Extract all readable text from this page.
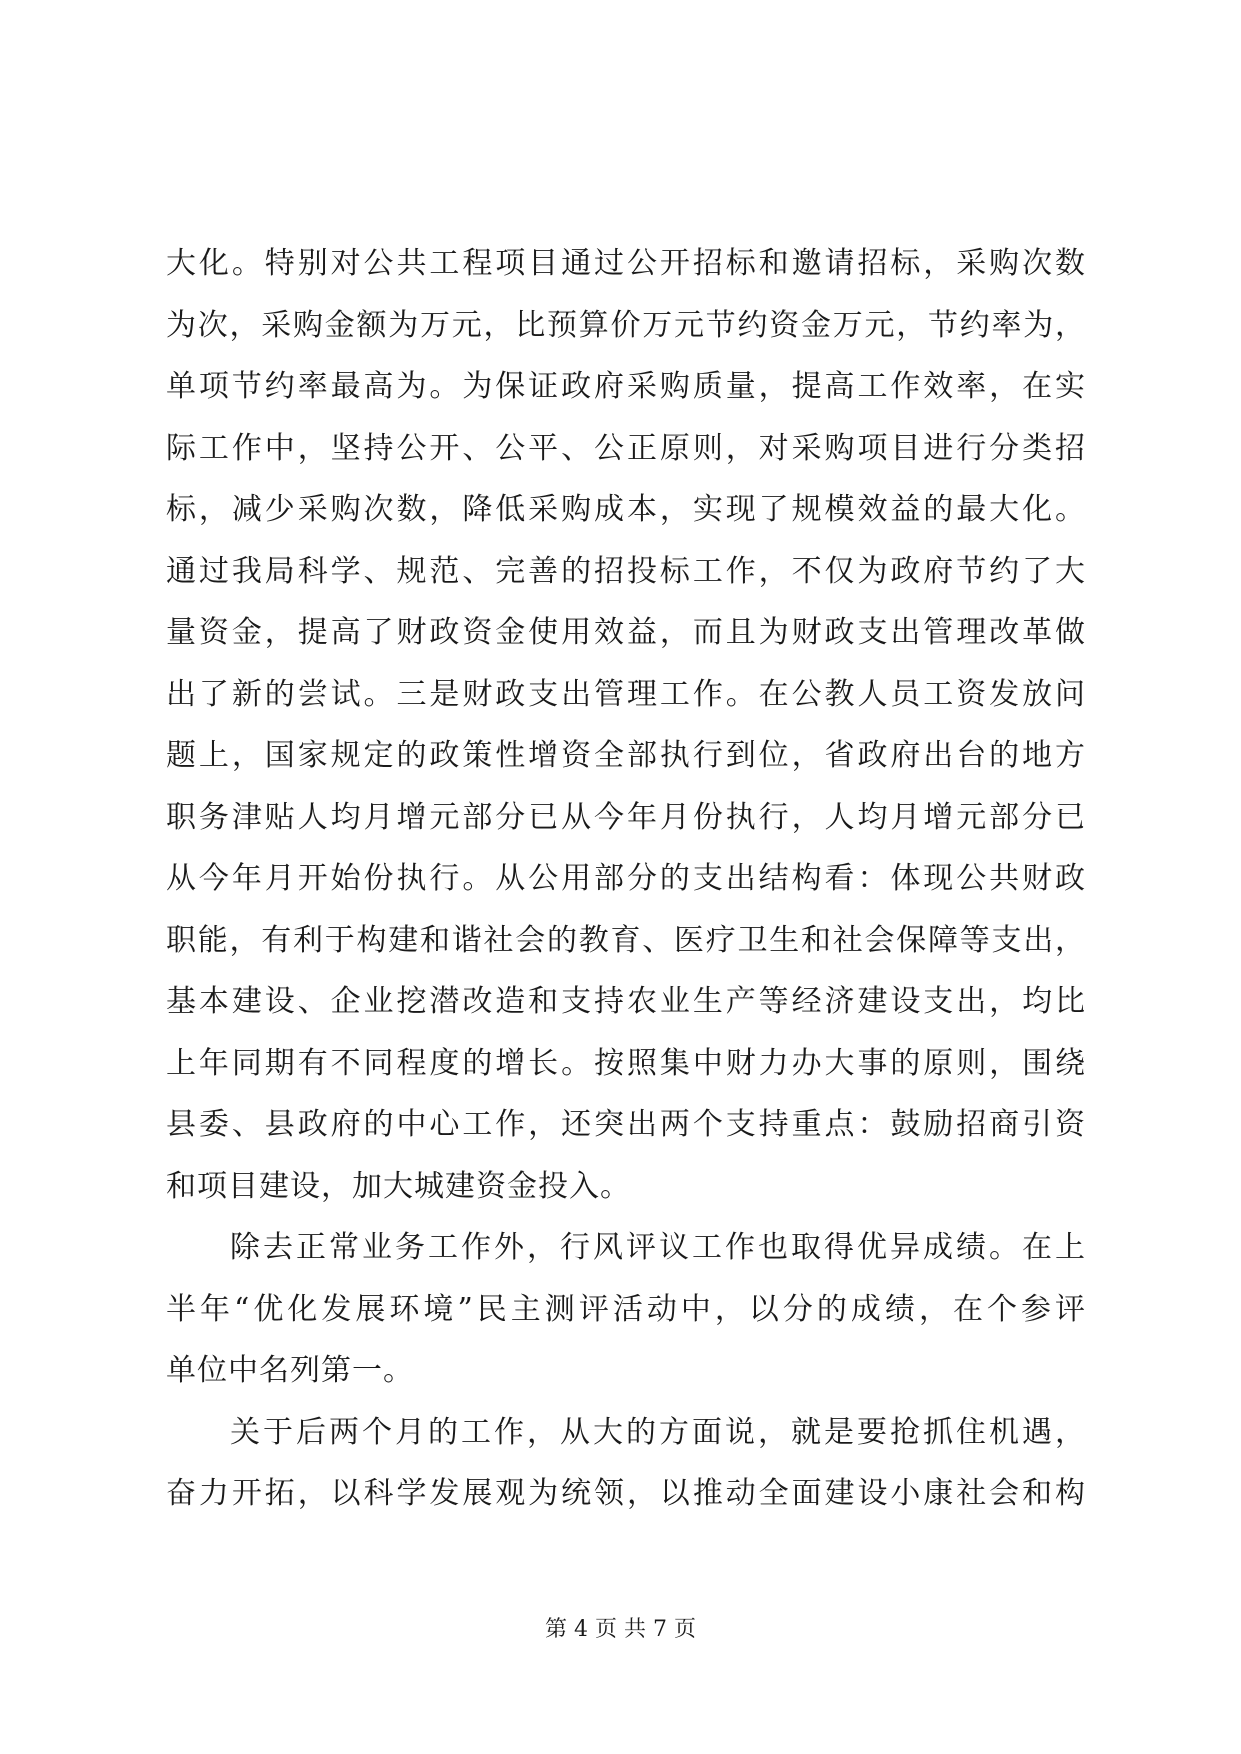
大化。特别对公共工程项目通过公开招标和邀请招标，采购次数
为次，采购金额为万元，比预算价万元节约资金万元，节约率为，
单项节约率最高为。为保证政府采购质量，提高工作效率，在实
际工作中，坚持公开、公平、公正原则，对采购项目进行分类招
标，减少采购次数，降低采购成本，实现了规模效益的最大化。
通过我局科学、规范、完善的招投标工作，不仅为政府节约了大
量资金，提高了财政资金使用效益，而且为财政支出管理改革做
出了新的尝试。三是财政支出管理工作。在公教人员工资发放问
题上，国家规定的政策性增资全部执行到位，省政府出台的地方
职务津贴人均月增元部分已从今年月份执行，人均月增元部分已
从今年月开始份执行。从公用部分的支出结构看：体现公共财政
职能，有利于构建和谐社会的教育、医疗卫生和社会保障等支出，
基本建设、企业挖潜改造和支持农业生产等经济建设支出，均比
上年同期有不同程度的增长。按照集中财力办大事的原则，围绕
县委、县政府的中心工作，还突出两个支持重点：鼓励招商引资
和项目建设，加大城建资金投入。
除去正常业务工作外，行风评议工作也取得优异成绩。在上
半年“优化发展环境”民主测评活动中，以分的成绩，在个参评
单位中名列第一。
关于后两个月的工作，从大的方面说，就是要抢抓住机遇，
奋力开拓，以科学发展观为统领，以推动全面建设小康社会和构
第 4 页 共 7 页
